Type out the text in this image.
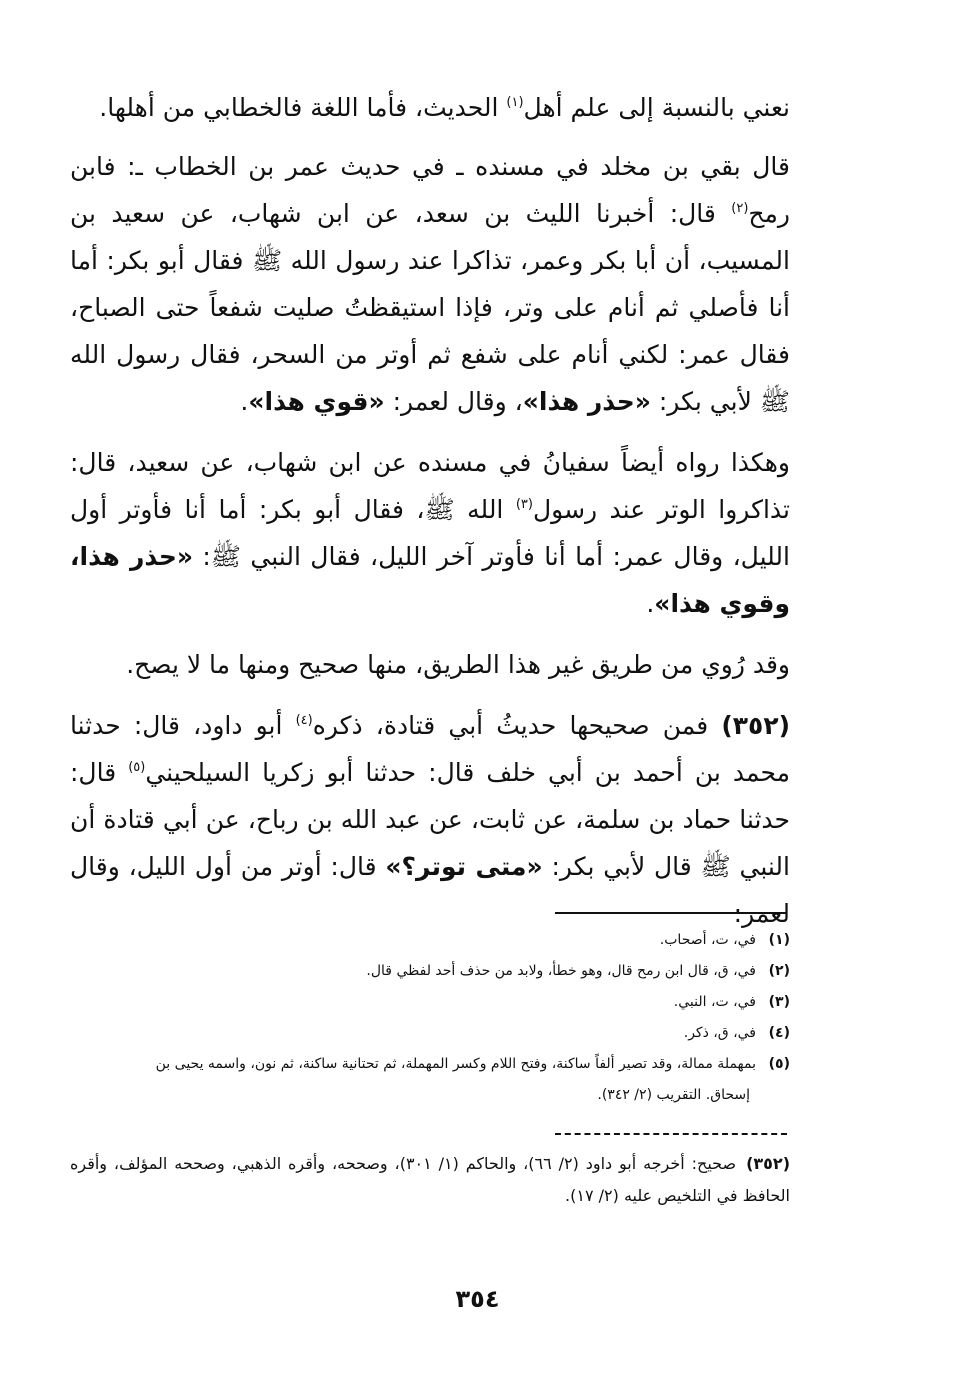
نعني بالنسبة إلى علم أهل$^{(١)}$ الحديث، فأما اللغة فالخطابي من أهلها.

قال بقي بن مخلد في مسنده ـ في حديث عمر بن الخطاب ـ: فابن رمح$^{(٢)}$ قال: أخبرنا الليث بن سعد، عن ابن شهاب، عن سعيد بن المسيب، أن أبا بكر وعمر، تذاكرا عند رسول الله ﷺ فقال أبو بكر: أما أنا فأصلي ثم أنام على وتر، فإذا استيقظتُ صليت شفعاً حتى الصباح، فقال عمر: لكني أنام على شفع ثم أوتر من السحر، فقال رسول الله ﷺ لأبي بكر: «حذر هذا»، وقال لعمر: «قوي هذا».

وهكذا رواه أيضاً سفيانُ في مسنده عن ابن شهاب، عن سعيد، قال: تذاكروا الوتر عند رسول$^{(٣)}$ الله ﷺ، فقال أبو بكر: أما أنا فأوتر أول الليل، وقال عمر: أما أنا فأوتر آخر الليل، فقال النبي ﷺ: «حذر هذا، وقوي هذا».

وقد رُوي من طريق غير هذا الطريق، منها صحيح ومنها ما لا يصح.

(٣٥٢) فمن صحيحها حديثُ أبي قتادة، ذكره$^{(٤)}$ أبو داود، قال: حدثنا محمد بن أحمد بن أبي خلف قال: حدثنا أبو زكريا السيلحيني$^{(٥)}$ قال: حدثنا حماد بن سلمة، عن ثابت، عن عبد الله بن رباح، عن أبي قتادة أن النبي ﷺ قال لأبي بكر: «متى توتر؟» قال: أوتر من أول الليل، وقال لعمر:

(١)في، ت، أصحاب.

(٢)في، ق، قال ابن رمح قال، وهو خطأ، ولابد من حذف أحد لفظي قال.

(٣)في، ت، النبي.

(٤)في، ق، ذكر.

(٥)بمهملة ممالة، وقد تصير ألفاً ساكنة، وفتح اللام وكسر المهملة، ثم تحتانية ساكنة، ثم نون، واسمه يحيى بن

إسحاق. التقريب (٢/ ٣٤٢).

(٣٥٢)صحيح: أخرجه أبو داود (٢/ ٦٦)، والحاكم (١/ ٣٠١)، وصححه، وأقره الذهبي، وصححه المؤلف، وأقره الحافظ في التلخيص عليه (٢/ ١٧).
٣٥٤
